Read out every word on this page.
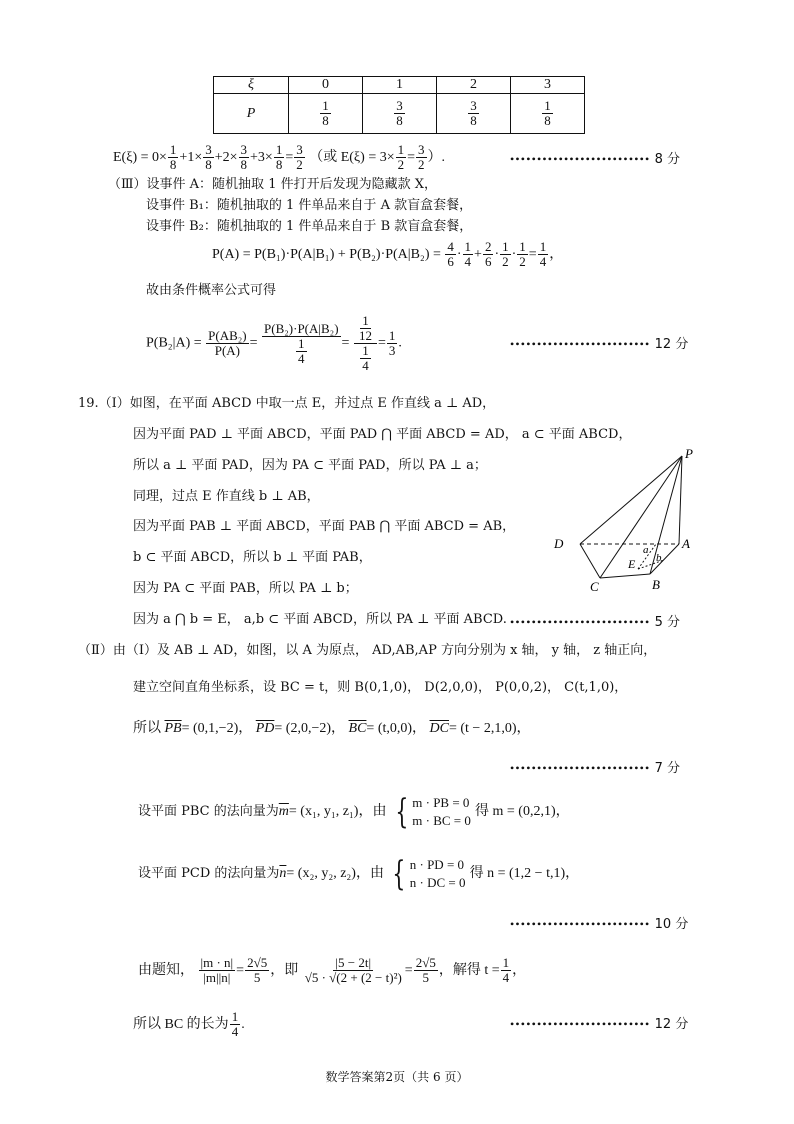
ξ	0	1	2	3
P	$\frac{1}{8}$	$\frac{3}{8}$	$\frac{3}{8}$	$\frac{1}{8}$
$E(\xi) = 0\times \frac{1}{8} +1\times \frac{3}{8} +2\times \frac{3}{8} +3\times \frac{1}{8} = \frac{3}{2}$ （或 $E(\xi) = 3\times \frac{1}{2} = \frac{3}{2}$ ）.	•••••••••••••••••••••••••• 8 分
（Ⅲ）设事件 A：随机抽取 1 件打开后发现为隐藏款 X，
设事件 B₁：随机抽取的 1 件单品来自于 A 款盲盒套餐，
设事件 B₂：随机抽取的 1 件单品来自于 B 款盲盒套餐，
$P(A) = P(B_1)\cdot P(A|B_1) + P(B_2)\cdot P(A|B_2) = \frac{4}{6} \cdot \frac{1}{4} + \frac{2}{6} \cdot \frac{1}{2} \cdot \frac{1}{2} = \frac{1}{4}$ ，
故由条件概率公式可得
$P(B_2|A) = \frac{\text{P(AB₂)}}{P(A)} = \frac{\text{P(B₂)·P(A|B₂)}}{\frac{1}{4}} = \frac{\frac{1}{12}}{\frac{1}{4}} = \frac{1}{3}$ .	•••••••••••••••••••••••••• 12 分
19.（Ⅰ）如图，在平面 ABCD 中取一点 E，并过点 E 作直线 a ⊥ AD，
因为平面 PAD ⊥ 平面 ABCD，平面 PAD ⋂ 平面 ABCD = AD， a ⊂ 平面 ABCD，
所以 a ⊥ 平面 PAD，因为 PA ⊂ 平面 PAD，所以 PA ⊥ a；
同理，过点 E 作直线 b ⊥ AB，
因为平面 PAB ⊥ 平面 ABCD，平面 PAB ⋂ 平面 ABCD = AB，
b ⊂ 平面 ABCD，所以 b ⊥ 平面 PAB，
因为 PA ⊂ 平面 PAB，所以 PA ⊥ b；
因为 a ⋂ b = E， a,b ⊂ 平面 ABCD，所以 PA ⊥ 平面 ABCD. •••••••••••••••••••••••••• 5 分
P
D	A
C	B
E
a
b
（Ⅱ）由（Ⅰ）及 AB ⊥ AD，如图，以 A 为原点， AD,AB,AP 方向分别为 x 轴， y 轴， z 轴正向，
建立空间直角坐标系，设 BC = t，则 B(0,1,0)， D(2,0,0)， P(0,0,2)， C(t,1,0)，
所以 $\overline{PB}= (0,1,-2)$， $\overline{PD}= (2,0,-2)$， $\overline{BC}= (t,0,0)$， $\overline{DC}= (t - 2,1,0)$，
•••••••••••••••••••••••••• 7 分
设平面 PBC 的法向量为$\overline{m}= (x_1$, y₁, z₁)，由 { m · PB = 0
m · BC = 0
得 m = (0,2,1)，
设平面 PCD 的法向量为$\overline{n}= (x_2$, y₂, z₂)，由 { n · PD = 0
n · DC = 0
得 n = (1,2 − t,1)，
•••••••••••••••••••••••••• 10 分
由题知， $\frac{|m \cdot n|}{|m||n|} = \frac{2√5}{5}$ ，即 $\frac{|5 - 2t|}{\text{√5 · √(2 + (2 − t)²)}} = \frac{2√5}{5}$ ，解得 $t = \frac{1}{4}$ ，
所以 BC 的长为 $\frac{1}{4}$ .	•••••••••••••••••••••••••• 12 分
数学答案第2页（共 6 页）
